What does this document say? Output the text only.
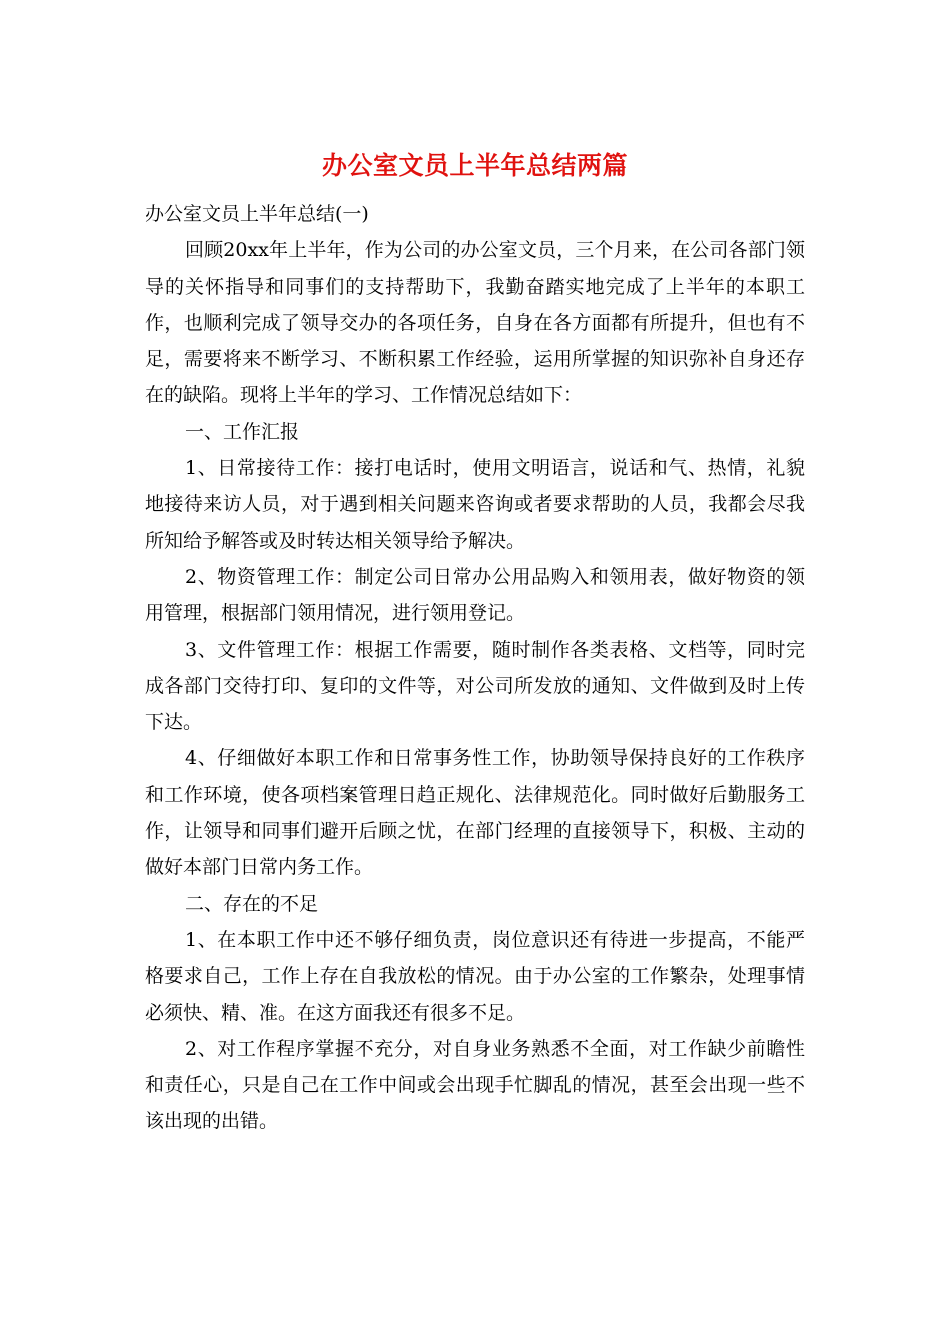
办公室文员上半年总结两篇

办公室文员上半年总结(一)

回顾20xx年上半年，作为公司的办公室文员，三个月来，在公司各部门领导的关怀指导和同事们的支持帮助下，我勤奋踏实地完成了上半年的本职工作，也顺利完成了领导交办的各项任务，自身在各方面都有所提升，但也有不足，需要将来不断学习、不断积累工作经验，运用所掌握的知识弥补自身还存在的缺陷。现将上半年的学习、工作情况总结如下：

一、工作汇报

1、日常接待工作：接打电话时，使用文明语言，说话和气、热情，礼貌地接待来访人员，对于遇到相关问题来咨询或者要求帮助的人员，我都会尽我所知给予解答或及时转达相关领导给予解决。

2、物资管理工作：制定公司日常办公用品购入和领用表，做好物资的领用管理，根据部门领用情况，进行领用登记。

3、文件管理工作：根据工作需要，随时制作各类表格、文档等，同时完成各部门交待打印、复印的文件等，对公司所发放的通知、文件做到及时上传下达。

4、仔细做好本职工作和日常事务性工作，协助领导保持良好的工作秩序和工作环境，使各项档案管理日趋正规化、法律规范化。同时做好后勤服务工作，让领导和同事们避开后顾之忧，在部门经理的直接领导下，积极、主动的做好本部门日常内务工作。

二、存在的不足

1、在本职工作中还不够仔细负责，岗位意识还有待进一步提高，不能严格要求自己，工作上存在自我放松的情况。由于办公室的工作繁杂，处理事情必须快、精、准。在这方面我还有很多不足。

2、对工作程序掌握不充分，对自身业务熟悉不全面，对工作缺少前瞻性和责任心，只是自己在工作中间或会出现手忙脚乱的情况，甚至会出现一些不该出现的出错。
